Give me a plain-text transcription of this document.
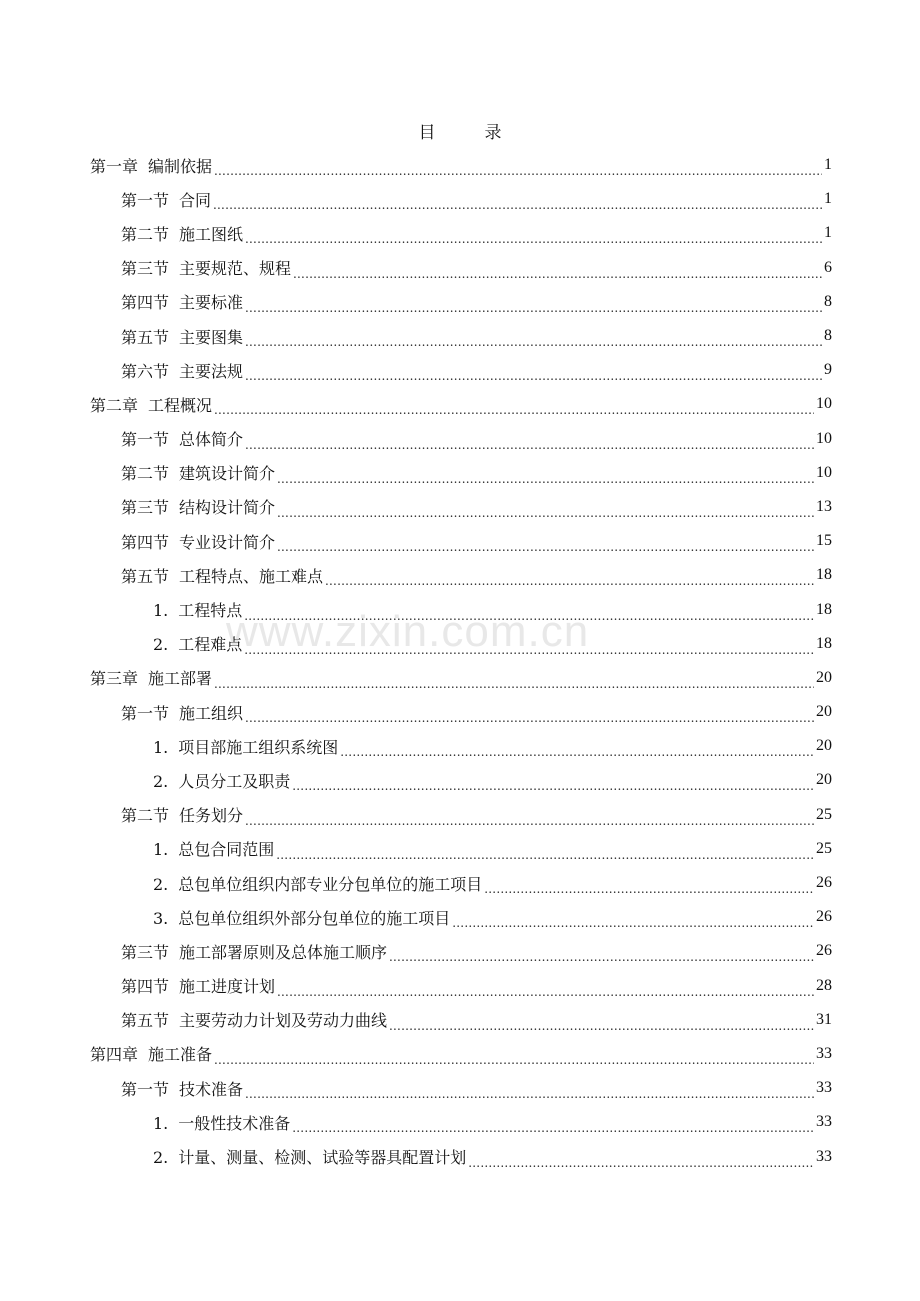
目　录
第一章 编制依据 .....	1
第一节 合同 .....	1
第二节 施工图纸 .....	1
第三节 主要规范、规程 .....	6
第四节 主要标准 .....	8
第五节 主要图集 .....	8
第六节 主要法规 .....	9
第二章 工程概况 .....	10
第一节 总体简介 .....	10
第二节 建筑设计简介 .....	10
第三节 结构设计简介 .....	13
第四节 专业设计简介 .....	15
第五节 工程特点、施工难点 .....	18
1. 工程特点 .....	18
2. 工程难点 .....	18
第三章 施工部署 .....	20
第一节 施工组织 .....	20
1. 项目部施工组织系统图 .....	20
2. 人员分工及职责 .....	20
第二节 任务划分 .....	25
1. 总包合同范围 .....	25
2. 总包单位组织内部专业分包单位的施工项目 .....	26
3. 总包单位组织外部分包单位的施工项目 .....	26
第三节 施工部署原则及总体施工顺序 .....	26
第四节 施工进度计划 .....	28
第五节 主要劳动力计划及劳动力曲线 .....	31
第四章 施工准备 .....	33
第一节 技术准备 .....	33
1. 一般性技术准备 .....	33
2. 计量、测量、检测、试验等器具配置计划 .....	33
www.zixin.com.cn
